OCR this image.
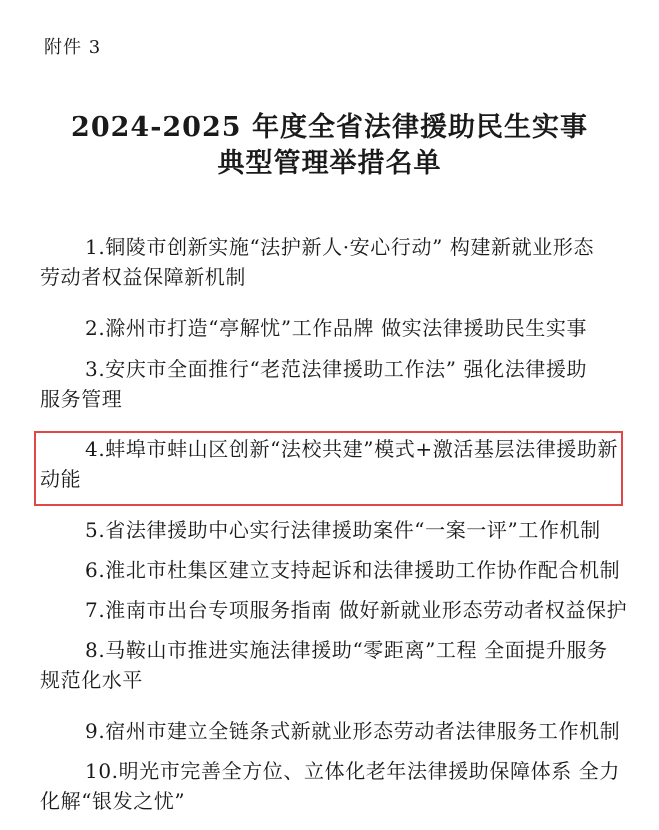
附件 3
2024-2025 年度全省法律援助民生实事
典型管理举措名单
1.铜陵市创新实施“法护新人·安心行动” 构建新就业形态
劳动者权益保障新机制
2.滁州市打造“亭解忧”工作品牌 做实法律援助民生实事
3.安庆市全面推行“老范法律援助工作法” 强化法律援助
服务管理
4.蚌埠市蚌山区创新“法校共建”模式+激活基层法律援助新
动能
5.省法律援助中心实行法律援助案件“一案一评”工作机制
6.淮北市杜集区建立支持起诉和法律援助工作协作配合机制
7.淮南市出台专项服务指南 做好新就业形态劳动者权益保护
8.马鞍山市推进实施法律援助“零距离”工程 全面提升服务
规范化水平
9.宿州市建立全链条式新就业形态劳动者法律服务工作机制
10.明光市完善全方位、立体化老年法律援助保障体系 全力
化解“银发之忧”
